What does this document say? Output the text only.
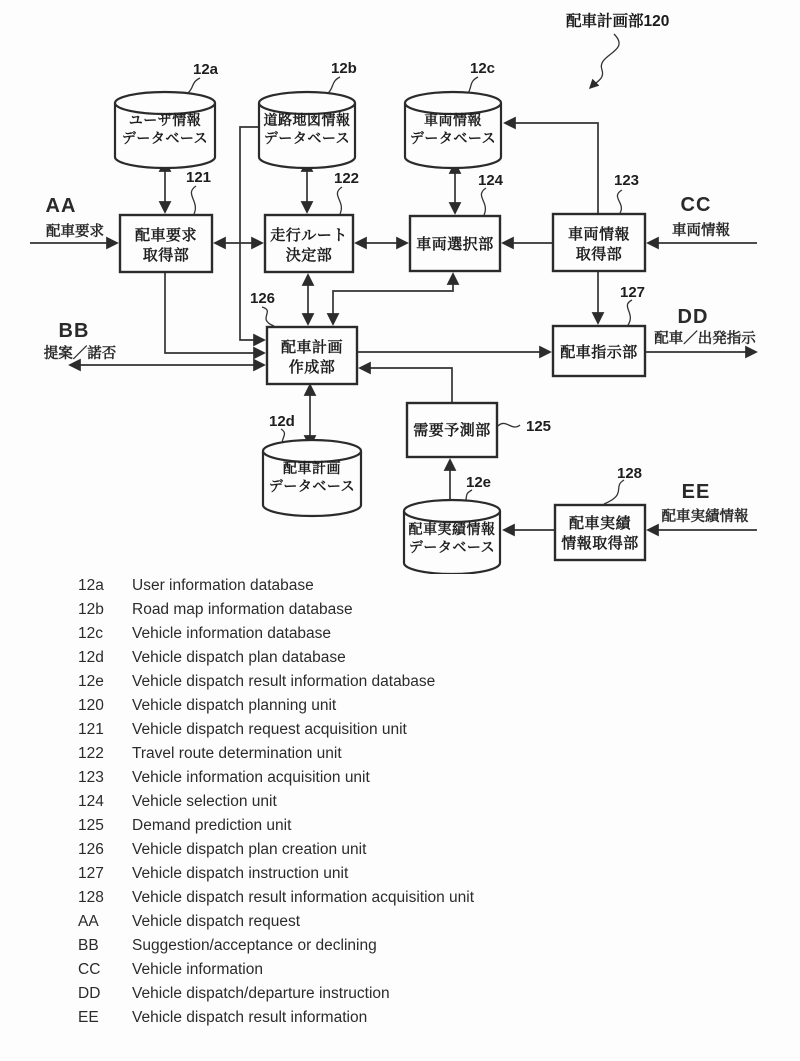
ユーザ情報
データベース
道路地図情報
データベース
車両情報
データベース
配車計画
データベース
配車実績情報
データベース
配車要求
取得部
走行ルート
決定部
車両選択部
車両情報
取得部
配車計画
作成部
配車指示部
需要予測部
配車実績
情報取得部
12a	12b	12c
121	122	124	123
126	127
125
12d
12e
128
配車計画部120
AA
配車要求
BB
提案／諾否
CC
車両情報
DD
配車／出発指示
EE
配車実績情報
12a	User information database
12b	Road map information database
12c	Vehicle information database
12d	Vehicle dispatch plan database
12e	Vehicle dispatch result information database
120	Vehicle dispatch planning unit
121	Vehicle dispatch request acquisition unit
122	Travel route determination unit
123	Vehicle information acquisition unit
124	Vehicle selection unit
125	Demand prediction unit
126	Vehicle dispatch plan creation unit
127	Vehicle dispatch instruction unit
128	Vehicle dispatch result information acquisition unit
AA	Vehicle dispatch request
BB	Suggestion/acceptance or declining
CC	Vehicle information
DD	Vehicle dispatch/departure instruction
EE	Vehicle dispatch result information
